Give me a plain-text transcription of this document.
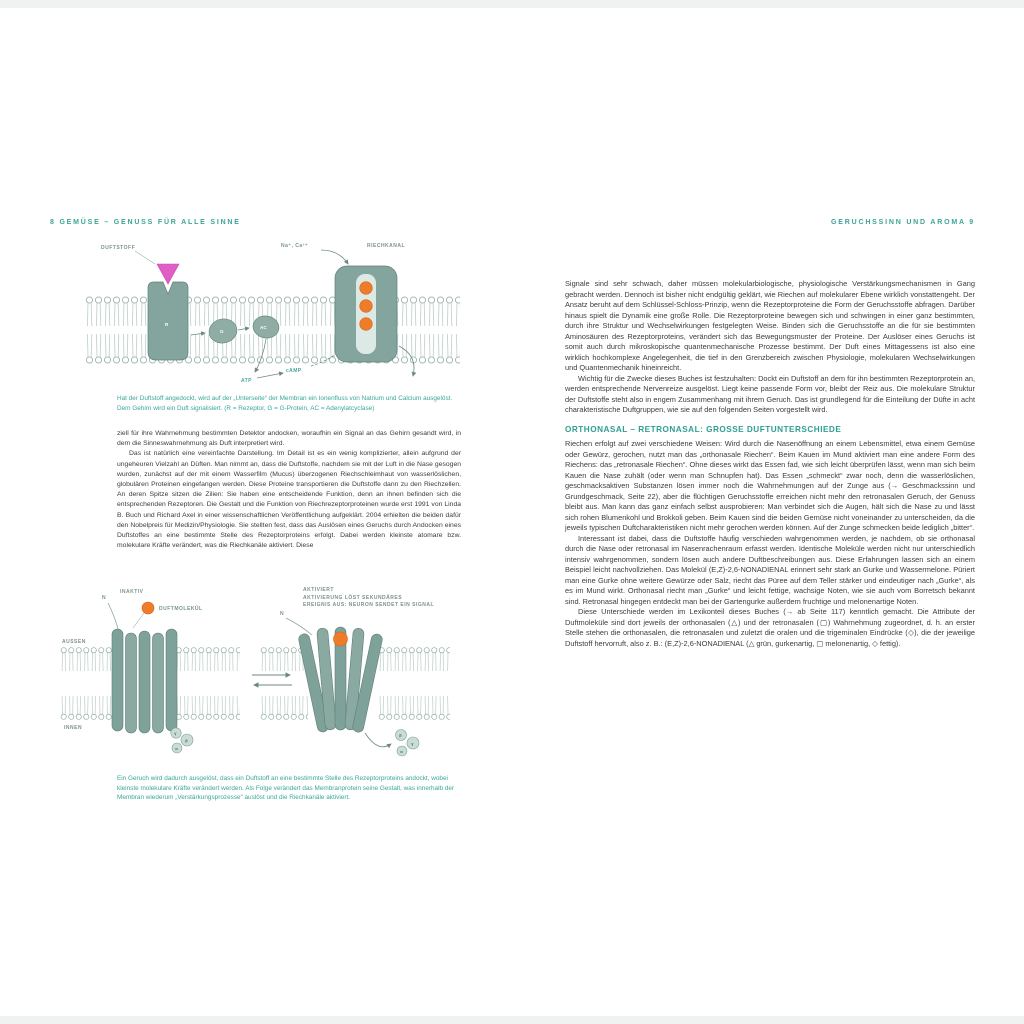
8 GEMÜSE – GENUSS FÜR ALLE SINNE	GERUCHSSINN UND AROMA 9
R
DUFTSTOFF
G
AC
ATP
cAMP
Na⁺, Ca²⁺	RIECHKANAL
Hat der Duftstoff angedockt, wird auf der „Unterseite“ der Membran ein Ionenfluss von Natrium und Calcium ausgelöst. Dem Gehirn wird ein Duft signalisiert. (R = Rezeptor, G = G-Protein, AC = Adenylatcyclase)

ziell für ihre Wahrnehmung bestimmten Detektor andocken, woraufhin ein Signal an das Gehirn gesandt wird, in dem die Sinneswahrnehmung als Duft interpretiert wird.

Das ist natürlich eine vereinfachte Darstellung. Im Detail ist es ein wenig komplizierter, allein aufgrund der ungeheuren Vielzahl an Düften. Man nimmt an, dass die Duftstoffe, nachdem sie mit der Luft in die Nase gesogen wurden, zunächst auf der mit einem Wasserfilm (Mucus) überzogenen Riechschleimhaut von wasserlöslichen, globulären Proteinen eingefangen werden. Diese Proteine transportieren die Duftstoffe dann zu den Riechzellen. An deren Spitze sitzen die Zilien: Sie haben eine entscheidende Funktion, denn an ihnen befinden sich die entsprechenden Rezeptoren. Die Gestalt und die Funktion von Riechrezeptorproteinen wurde erst 1991 von Linda B. Buch und Richard Axel in einer wissenschaftlichen Veröffentlichung aufgeklärt. 2004 erhielten die beiden dafür den Nobelpreis für Medizin/Physiologie. Sie stellten fest, dass das Auslösen eines Geruchs durch Andocken eines Duftstoffes an eine bestimmte Stelle des Rezeptorproteins erfolgt. Dabei werden kleinste atomare bzw. molekulare Kräfte verändert, was die Riechkanäle aktiviert. Diese

INAKTIV
DUFTMOLEKÜL
N
AUSSEN
INNEN
γ
β
α
AKTIVIERT
AKTIVIERUNG LÖST SEKUNDÄRES
EREIGNIS AUS: NEURON SENDET EIN SIGNAL
N
β
γ
α
Ein Geruch wird dadurch ausgelöst, dass ein Duftstoff an eine bestimmte Stelle des Rezeptorproteins andockt, wobei kleinste molekulare Kräfte verändert werden. Als Folge verändert das Membranprotein seine Gestalt, was innerhalb der Membran wiederum „Verstärkungsprozesse“ auslöst und die Riechkanäle aktiviert.

Signale sind sehr schwach, daher müssen molekularbiologische, physiologische Verstärkungsmechanismen in Gang gebracht werden. Dennoch ist bisher nicht endgültig geklärt, wie Riechen auf molekularer Ebene wirklich vonstattengeht. Der Ansatz beruht auf dem Schlüssel-Schloss-Prinzip, wenn die Rezeptorproteine die Form der Geruchsstoffe abfragen. Darüber hinaus spielt die Dynamik eine große Rolle. Die Rezeptorproteine bewegen sich und schwingen in einer ganz bestimmten, durch ihre Struktur und Wechselwirkungen festgelegten Weise. Binden sich die Geruchsstoffe an die für sie bestimmten Aminosäuren des Rezeptorproteins, verändert sich das Bewegungsmuster der Proteine. Der Auslöser eines Geruchs ist somit auch durch mikroskopische quantenmechanische Prozesse bestimmt. Der Duft eines Mittagessens ist also eine wirklich hochkomplexe Angelegenheit, die tief in den Grenzbereich zwischen Physiologie, molekularen Wechselwirkungen und Quantenmechanik hineinreicht.

Wichtig für die Zwecke dieses Buches ist festzuhalten: Dockt ein Duftstoff an dem für ihn bestimmten Rezeptorprotein an, werden entsprechende Nervenreize ausgelöst. Liegt keine passende Form vor, bleibt der Reiz aus. Die molekulare Struktur der Duftstoffe steht also in engem Zusammenhang mit ihrem Geruch. Das ist grundlegend für die Einteilung der Düfte in acht charakteristische Duftgruppen, wie sie auf den folgenden Seiten vorgestellt wird.

ORTHONASAL – RETRONASAL: GROSSE DUFTUNTERSCHIEDE

Riechen erfolgt auf zwei verschiedene Weisen: Wird durch die Nasenöffnung an einem Lebensmittel, etwa einem Gemüse oder Gewürz, gerochen, nutzt man das „orthonasale Riechen“. Beim Kauen im Mund aktiviert man eine andere Form des Riechens: das „retronasale Riechen“. Ohne dieses wirkt das Essen fad, wie sich leicht überprüfen lässt, wenn man sich beim Kauen die Nase zuhält (oder wenn man Schnupfen hat). Das Essen „schmeckt“ zwar noch, denn die wasserlöslichen, geschmacksaktiven Substanzen lösen immer noch die Wahrnehmungen auf der Zunge aus (→ Geschmackssinn und Grundgeschmack, Seite 22), aber die flüchtigen Geruchsstoffe erreichen nicht mehr den retronasalen Geruch, der Genuss bleibt aus. Man kann das ganz einfach selbst ausprobieren: Man verbindet sich die Augen, hält sich die Nase zu und lässt sich rohen Blumenkohl und Brokkoli geben. Beim Kauen sind die beiden Gemüse nicht voneinander zu unterscheiden, da die jeweils typischen Duftcharakteristiken nicht mehr gerochen werden können. Auf der Zunge schmecken beide lediglich „bitter“.

Interessant ist dabei, dass die Duftstoffe häufig verschieden wahrgenommen werden, je nachdem, ob sie orthonasal durch die Nase oder retronasal im Nasenrachenraum erfasst werden. Identische Moleküle werden nicht nur unterschiedlich intensiv wahrgenommen, sondern lösen auch andere Duftbeschreibungen aus. Diese Erfahrungen lassen sich an einem Beispiel leicht nachvollziehen. Das Molekül (E,Z)-2,6-NONADIENAL erinnert sehr stark an Gurke und Wassermelone. Püriert man eine Gurke ohne weitere Gewürze oder Salz, riecht das Püree auf dem Teller stärker und eindeutiger nach „Gurke“, als es im Mund wirkt. Orthonasal riecht man „Gurke“ und leicht fettige, wachsige Noten, wie sie auch vom Borretsch bekannt sind. Retronasal hingegen entdeckt man bei der Gartengurke außerdem fruchtige und melonenartige Noten.

Diese Unterschiede werden im Lexikonteil dieses Buches (→ ab Seite 117) kenntlich gemacht. Die Attribute der Duftmoleküle sind dort jeweils der orthonasalen (△) und der retronasalen (▢) Wahrnehmung zugeordnet, d. h. an erster Stelle stehen die orthonasalen, die retronasalen und zuletzt die oralen und die trigeminalen Eindrücke (◇), die der jeweilige Duftstoff hervorruft, also z. B.: (E,Z)-2,6-NONADIENAL (△ grün, gurkenartig, ▢ melonenartig, ◇ fettig).
